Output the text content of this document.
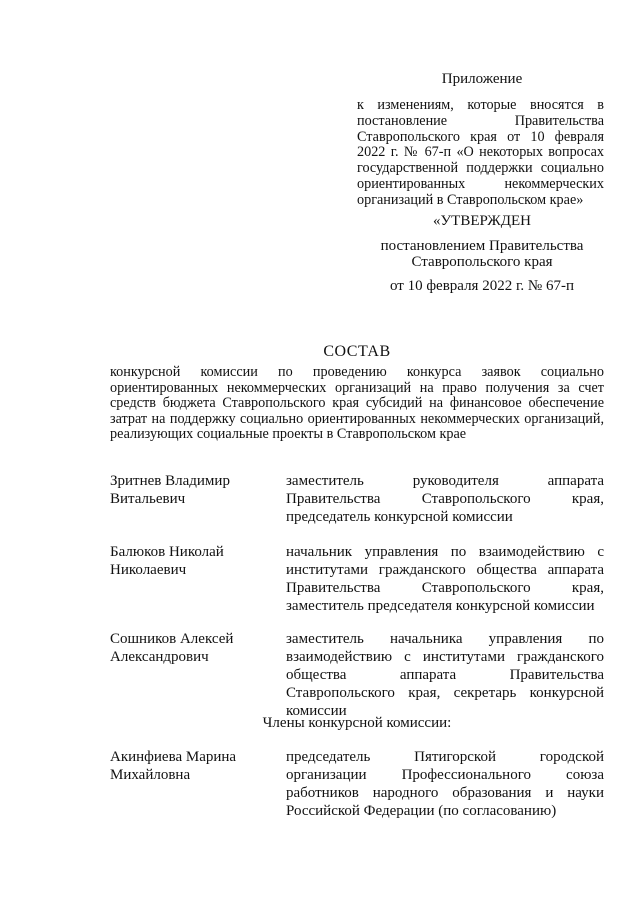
Приложение

к изменениям, которые вносятся в постановление Правительства Ставропольского края от 10 февраля 2022 г. № 67-п «О некоторых вопросах государственной поддержки социально ориентированных некоммерческих организаций в Ставропольском крае»

«УТВЕРЖДЕН
постановлением Правительства
Ставропольского края
от 10 февраля 2022 г. № 67-п
СОСТАВ
конкурсной комиссии по проведению конкурса заявок социально ориентированных некоммерческих организаций на право получения за счет средств бюджета Ставропольского края субсидий на финансовое обеспечение затрат на поддержку социально ориентированных некоммерческих организаций, реализующих социальные проекты в Ставропольском крае
Зритнев Владимир
Витальевич
заместитель руководителя аппарата Правительства Ставропольского края, председатель конкурсной комиссии
Балюков Николай
Николаевич
начальник управления по взаимодействию с институтами гражданского общества аппарата Правительства Ставропольского края, заместитель председателя конкурсной комиссии
Сошников Алексей
Александрович
заместитель начальника управления по взаимодействию с институтами гражданского общества аппарата Правительства Ставропольского края, секретарь конкурсной комиссии
Члены конкурсной комиссии:
Акинфиева Марина
Михайловна
председатель Пятигорской городской организации Профессионального союза работников народного образования и науки Российской Федерации (по согласованию)
